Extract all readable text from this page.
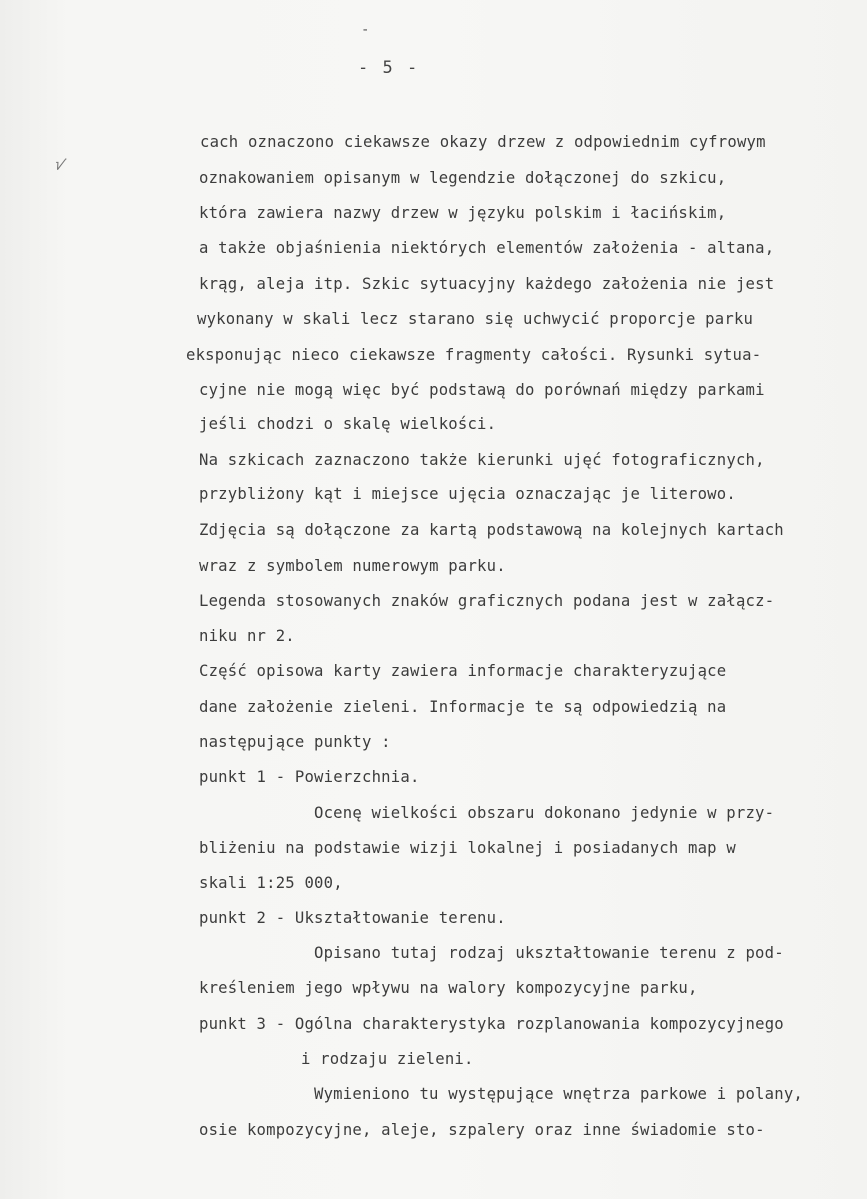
-
- 5 -
√
cach oznaczono ciekawsze okazy drzew z odpowiednim cyfrowym
oznakowaniem opisanym w legendzie dołączonej do szkicu,
która zawiera nazwy drzew w języku polskim i łacińskim,
a także objaśnienia niektórych elementów założenia - altana,
krąg, aleja itp. Szkic sytuacyjny każdego założenia nie jest
wykonany w skali lecz starano się uchwycić proporcje parku
eksponując nieco ciekawsze fragmenty całości. Rysunki sytua-
cyjne nie mogą więc być podstawą do porównań między parkami
jeśli chodzi o skalę wielkości.
Na szkicach zaznaczono także kierunki ujęć fotograficznych,
przybliżony kąt i miejsce ujęcia oznaczając je literowo.
Zdjęcia są dołączone za kartą podstawową na kolejnych kartach
wraz z symbolem numerowym parku.
Legenda stosowanych znaków graficznych podana jest w załącz-
niku nr 2.
Część opisowa karty zawiera informacje charakteryzujące
dane założenie zieleni. Informacje te są odpowiedzią na
następujące punkty :
punkt 1 - Powierzchnia.
Ocenę wielkości obszaru dokonano jedynie w przy-
bliżeniu na podstawie wizji lokalnej i posiadanych map w
skali 1:25 000,
punkt 2 - Ukształtowanie terenu.
Opisano tutaj rodzaj ukształtowanie terenu z pod-
kreśleniem jego wpływu na walory kompozycyjne parku,
punkt 3 - Ogólna charakterystyka rozplanowania kompozycyjnego
i rodzaju zieleni.
Wymieniono tu występujące wnętrza parkowe i polany,
osie kompozycyjne, aleje, szpalery oraz inne świadomie sto-
